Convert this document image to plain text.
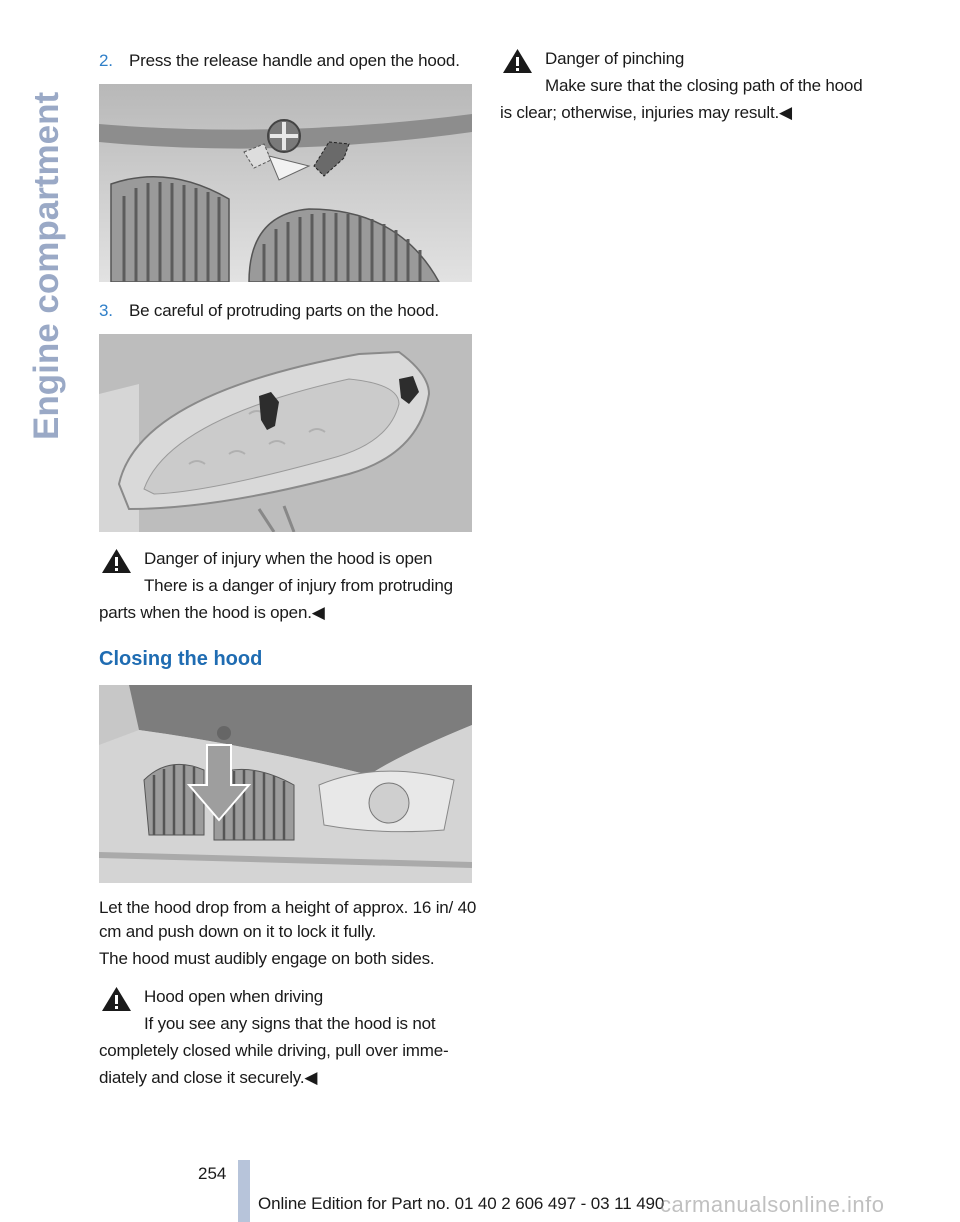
Engine compartment
2. Press the release handle and open the hood.
3. Be careful of protruding parts on the hood.
Danger of injury when the hood is open
There is a danger of injury from protruding parts when the hood is open.◀
Closing the hood
Let the hood drop from a height of approx. 16 in/ 40 cm and push down on it to lock it fully.
The hood must audibly engage on both sides.
Hood open when driving
If you see any signs that the hood is not completely closed while driving, pull over imme-diately and close it securely.◀
Danger of pinching
Make sure that the closing path of the hood is clear; otherwise, injuries may result.◀
254
Online Edition for Part no. 01 40 2 606 497 - 03 11 490
carmanualsonline.info
